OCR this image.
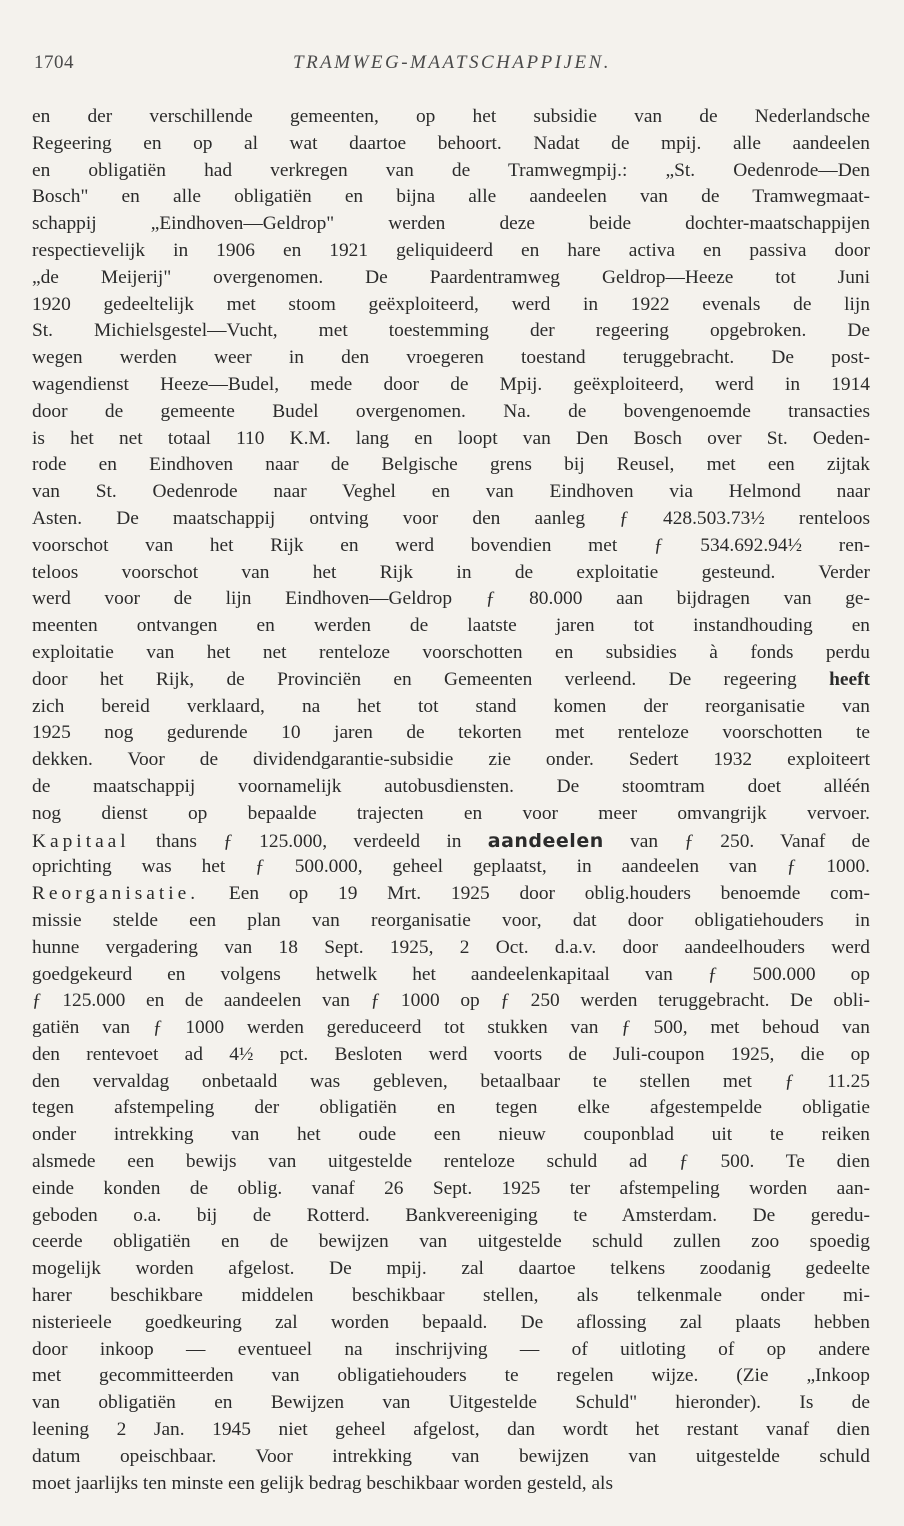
1704	TRAMWEG-MAATSCHAPPIJEN.
en der verschillende gemeenten, op het subsidie van de Nederlandsche
Regeering en op al wat daartoe behoort. Nadat de mpij. alle aandeelen
en obligatiën had verkregen van de Tramwegmpij.: „St. Oedenrode—Den
Bosch" en alle obligatiën en bijna alle aandeelen van de Tramwegmaat-
schappij „Eindhoven—Geldrop" werden deze beide dochter-maatschappijen
respectievelijk in 1906 en 1921 geliquideerd en hare activa en passiva door
„de Meijerij" overgenomen. De Paardentramweg Geldrop—Heeze tot Juni
1920 gedeeltelijk met stoom geëxploiteerd, werd in 1922 evenals de lijn
St. Michielsgestel—Vucht, met toestemming der regeering opgebroken. De
wegen werden weer in den vroegeren toestand teruggebracht. De post-
wagendienst Heeze—Budel, mede door de Mpij. geëxploiteerd, werd in 1914
door de gemeente Budel overgenomen. Na. de bovengenoemde transacties
is het net totaal 110 K.M. lang en loopt van Den Bosch over St. Oeden-
rode en Eindhoven naar de Belgische grens bij Reusel, met een zijtak
van St. Oedenrode naar Veghel en van Eindhoven via Helmond naar
Asten. De maatschappij ontving voor den aanleg ƒ 428.503.73½ renteloos
voorschot van het Rijk en werd bovendien met ƒ 534.692.94½ ren-
teloos voorschot van het Rijk in de exploitatie gesteund. Verder
werd voor de lijn Eindhoven—Geldrop ƒ 80.000 aan bijdragen van ge-
meenten ontvangen en werden de laatste jaren tot instandhouding en
exploitatie van het net renteloze voorschotten en subsidies à fonds perdu
door het Rijk, de Provinciën en Gemeenten verleend. De regeering heeft
zich bereid verklaard, na het tot stand komen der reorganisatie van
1925 nog gedurende 10 jaren de tekorten met renteloze voorschotten te
dekken. Voor de dividendgarantie-subsidie zie onder. Sedert 1932 exploiteert
de maatschappij voornamelijk autobusdiensten. De stoomtram doet alléén
nog dienst op bepaalde trajecten en voor meer omvangrijk vervoer.
Kapitaal thans ƒ 125.000, verdeeld in aandeelen van ƒ 250. Vanaf de
oprichting was het ƒ 500.000, geheel geplaatst, in aandeelen van ƒ 1000.
Reorganisatie. Een op 19 Mrt. 1925 door oblig.houders benoemde com-
missie stelde een plan van reorganisatie voor, dat door obligatiehouders in
hunne vergadering van 18 Sept. 1925, 2 Oct. d.a.v. door aandeelhouders werd
goedgekeurd en volgens hetwelk het aandeelenkapitaal van ƒ 500.000 op
ƒ 125.000 en de aandeelen van ƒ 1000 op ƒ 250 werden teruggebracht. De obli-
gatiën van ƒ 1000 werden gereduceerd tot stukken van ƒ 500, met behoud van
den rentevoet ad 4½ pct. Besloten werd voorts de Juli-coupon 1925, die op
den vervaldag onbetaald was gebleven, betaalbaar te stellen met ƒ 11.25
tegen afstempeling der obligatiën en tegen elke afgestempelde obligatie
onder intrekking van het oude een nieuw couponblad uit te reiken
alsmede een bewijs van uitgestelde renteloze schuld ad ƒ 500. Te dien
einde konden de oblig. vanaf 26 Sept. 1925 ter afstempeling worden aan-
geboden o.a. bij de Rotterd. Bankvereeniging te Amsterdam. De geredu-
ceerde obligatiën en de bewijzen van uitgestelde schuld zullen zoo spoedig
mogelijk worden afgelost. De mpij. zal daartoe telkens zoodanig gedeelte
harer beschikbare middelen beschikbaar stellen, als telkenmale onder mi-
nisterieele goedkeuring zal worden bepaald. De aflossing zal plaats hebben
door inkoop — eventueel na inschrijving — of uitloting of op andere
met gecommitteerden van obligatiehouders te regelen wijze. (Zie „Inkoop
van obligatiën en Bewijzen van Uitgestelde Schuld" hieronder). Is de
leening 2 Jan. 1945 niet geheel afgelost, dan wordt het restant vanaf dien
datum opeischbaar. Voor intrekking van bewijzen van uitgestelde schuld
moet jaarlijks ten minste een gelijk bedrag beschikbaar worden gesteld, als
